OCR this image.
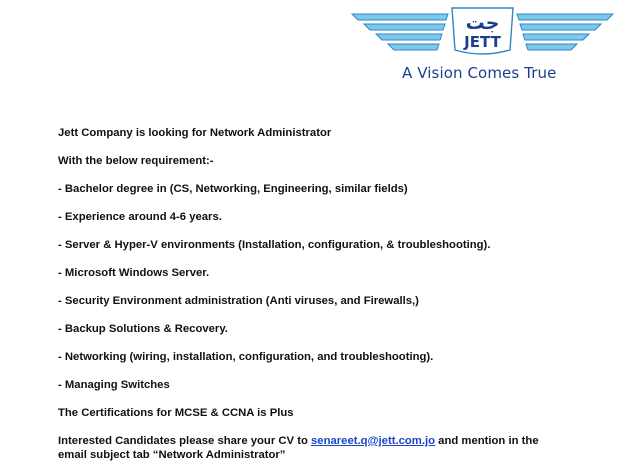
جت
JETT
A Vision Comes True

Jett Company is looking for Network Administrator

With the below requirement:-

- Bachelor degree in (CS, Networking, Engineering, similar fields)

- Experience around 4-6 years.

- Server & Hyper-V environments (Installation, configuration, & troubleshooting).

- Microsoft Windows Server.

- Security Environment administration (Anti viruses, and Firewalls,)

- Backup Solutions & Recovery.

- Networking (wiring, installation, configuration, and troubleshooting).

- Managing Switches

The Certifications for MCSE & CCNA is Plus

Interested Candidates please share your CV to senareet.q@jett.com.jo and mention in the

email subject tab “Network Administrator”
